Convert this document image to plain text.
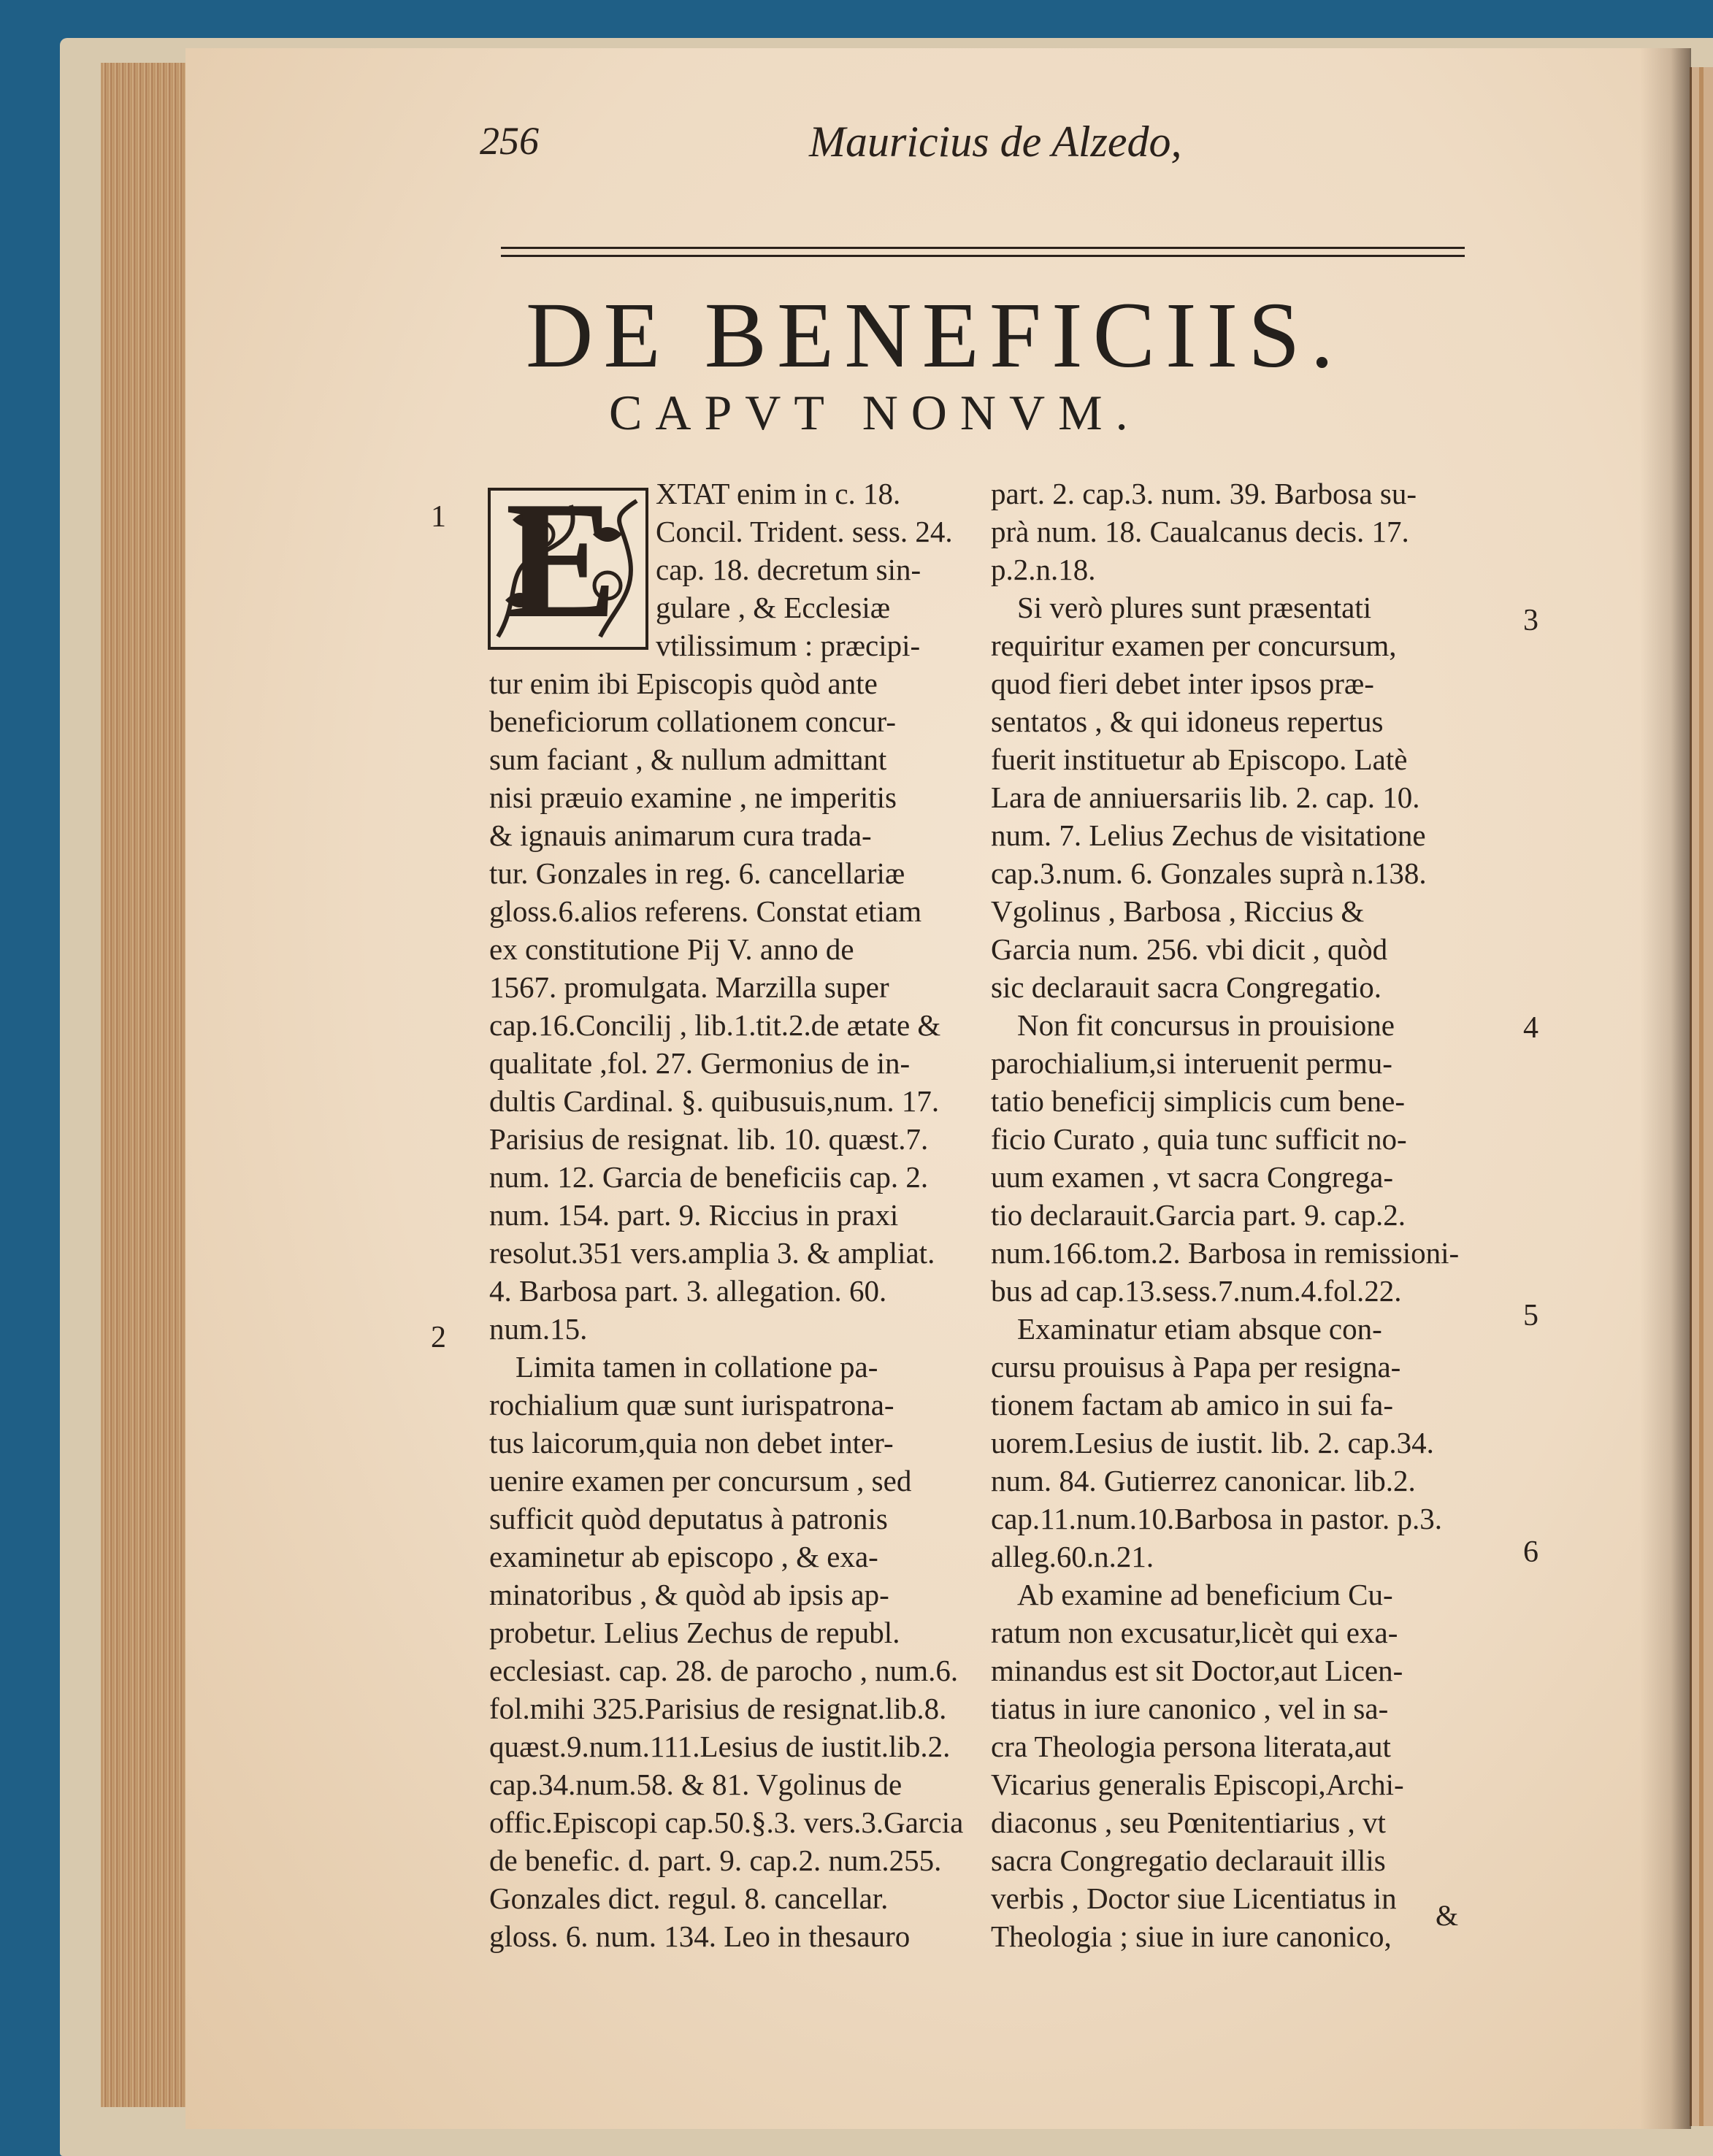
256	Mauricius de Alzedo,
DE BENEFICIIS.
CAPVT NONVM.
E
1
2
3
4
5
6
XTAT enim in c. 18.
Concil. Trident. sess. 24.
cap. 18. decretum sin-
gulare , & Ecclesiæ
vtilissimum : præcipi-
tur enim ibi Episcopis quòd ante
beneficiorum collationem concur-
sum faciant , & nullum admittant
nisi præuio examine , ne imperitis
& ignauis animarum cura trada-
tur. Gonzales in reg. 6. cancellariæ
gloss.6.alios referens. Constat etiam
ex constitutione Pij V. anno de
1567. promulgata. Marzilla super
cap.16.Concilij , lib.1.tit.2.de ætate &
qualitate ,fol. 27. Germonius de in-
dultis Cardinal. §. quibusuis,num. 17.
Parisius de resignat. lib. 10. quæst.7.
num. 12. Garcia de beneficiis cap. 2.
num. 154. part. 9. Riccius in praxi
resolut.351 vers.amplia 3. & ampliat.
4. Barbosa part. 3. allegation. 60.
num.15.
Limita tamen in collatione pa-
rochialium quæ sunt iurispatrona-
tus laicorum,quia non debet inter-
uenire examen per concursum , sed
sufficit quòd deputatus à patronis
examinetur ab episcopo , & exa-
minatoribus , & quòd ab ipsis ap-
probetur. Lelius Zechus de republ.
ecclesiast. cap. 28. de parocho , num.6.
fol.mihi 325.Parisius de resignat.lib.8.
quæst.9.num.111.Lesius de iustit.lib.2.
cap.34.num.58. & 81. Vgolinus de
offic.Episcopi cap.50.§.3. vers.3.Garcia
de benefic. d. part. 9. cap.2. num.255.
Gonzales dict. regul. 8. cancellar.
gloss. 6. num. 134. Leo in thesauro
part. 2. cap.3. num. 39. Barbosa su-
prà num. 18. Caualcanus decis. 17.
p.2.n.18.
Si verò plures sunt præsentati
requiritur examen per concursum,
quod fieri debet inter ipsos præ-
sentatos , & qui idoneus repertus
fuerit instituetur ab Episcopo. Latè
Lara de anniuersariis lib. 2. cap. 10.
num. 7. Lelius Zechus de visitatione
cap.3.num. 6. Gonzales suprà n.138.
Vgolinus , Barbosa , Riccius &
Garcia num. 256. vbi dicit , quòd
sic declarauit sacra Congregatio.
Non fit concursus in prouisione
parochialium,si interuenit permu-
tatio beneficij simplicis cum bene-
ficio Curato , quia tunc sufficit no-
uum examen , vt sacra Congrega-
tio declarauit.Garcia part. 9. cap.2.
num.166.tom.2. Barbosa in remissioni-
bus ad cap.13.sess.7.num.4.fol.22.
Examinatur etiam absque con-
cursu prouisus à Papa per resigna-
tionem factam ab amico in sui fa-
uorem.Lesius de iustit. lib. 2. cap.34.
num. 84. Gutierrez canonicar. lib.2.
cap.11.num.10.Barbosa in pastor. p.3.
alleg.60.n.21.
Ab examine ad beneficium Cu-
ratum non excusatur,licèt qui exa-
minandus est sit Doctor,aut Licen-
tiatus in iure canonico , vel in sa-
cra Theologia persona literata,aut
Vicarius generalis Episcopi,Archi-
diaconus , seu Pœnitentiarius , vt
sacra Congregatio declarauit illis
verbis , Doctor siue Licentiatus in
Theologia ; siue in iure canonico,
&
